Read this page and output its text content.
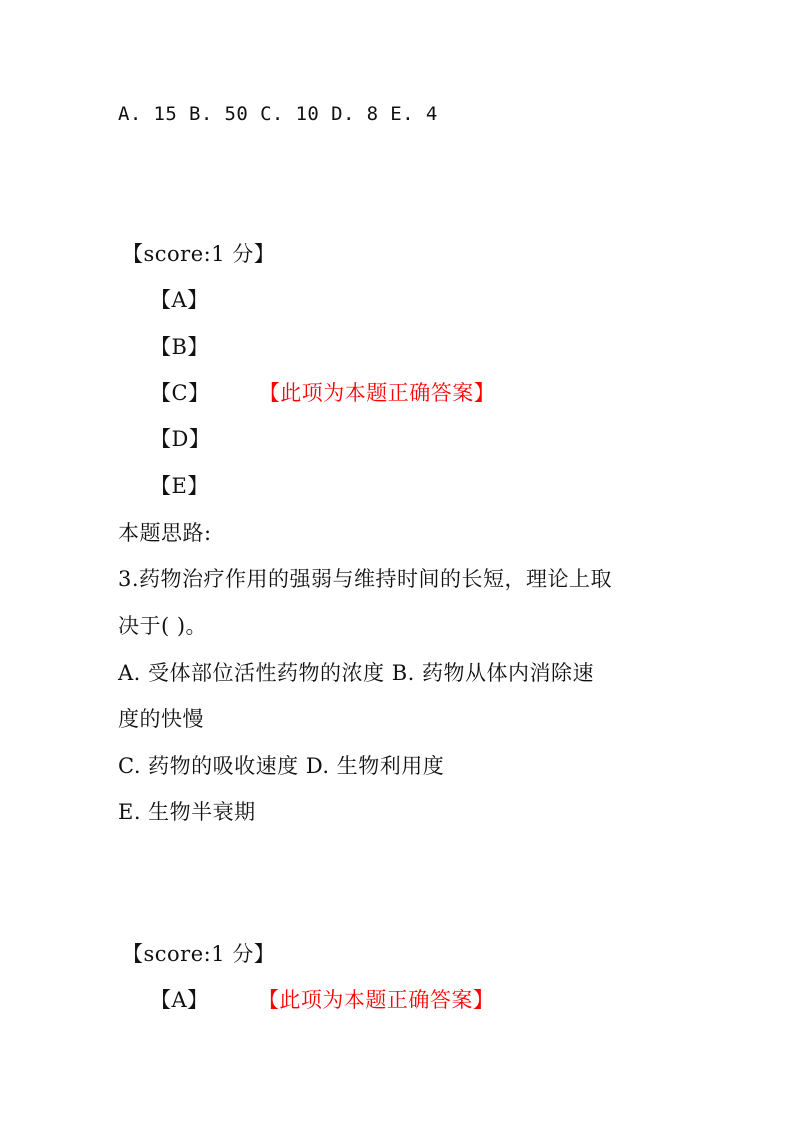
A. 15 B. 50 C. 10 D. 8 E. 4
【score:1 分】
【A】
【B】
【C】 【此项为本题正确答案】
【D】
【E】
本题思路:
3.药物治疗作用的强弱与维持时间的长短，理论上取
决于( )。
A. 受体部位活性药物的浓度 B. 药物从体内消除速
度的快慢
C. 药物的吸收速度 D. 生物利用度
E. 生物半衰期
【score:1 分】
【A】 【此项为本题正确答案】
